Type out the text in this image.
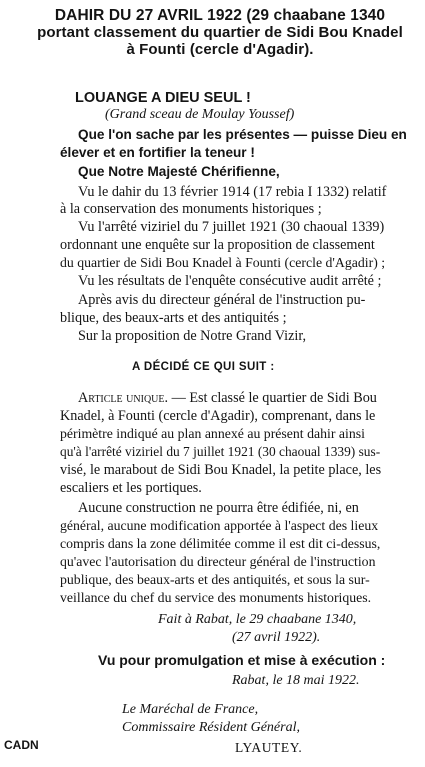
DAHIR DU 27 AVRIL 1922 (29 chaabane 1340
portant classement du quartier de Sidi Bou Knadel
à Founti (cercle d'Agadir).
LOUANGE A DIEU SEUL !
(Grand sceau de Moulay Youssef)
Que l'on sache par les présentes — puisse Dieu en
élever et en fortifier la teneur !
Que Notre Majesté Chérifienne,
Vu le dahir du 13 février 1914 (17 rebia I 1332) relatif
à la conservation des monuments historiques ;
Vu l'arrêté viziriel du 7 juillet 1921 (30 chaoual 1339)
ordonnant une enquête sur la proposition de classement
du quartier de Sidi Bou Knadel à Founti (cercle d'Agadir) ;
Vu les résultats de l'enquête consécutive audit arrêté ;
Après avis du directeur général de l'instruction pu-
blique, des beaux-arts et des antiquités ;
Sur la proposition de Notre Grand Vizir,
A DÉCIDÉ CE QUI SUIT :
Article unique. — Est classé le quartier de Sidi Bou
Knadel, à Founti (cercle d'Agadir), comprenant, dans le
périmètre indiqué au plan annexé au présent dahir ainsi
qu'à l'arrêté viziriel du 7 juillet 1921 (30 chaoual 1339) sus-
visé, le marabout de Sidi Bou Knadel, la petite place, les
escaliers et les portiques.
Aucune construction ne pourra être édifiée, ni, en
général, aucune modification apportée à l'aspect des lieux
compris dans la zone délimitée comme il est dit ci-dessus,
qu'avec l'autorisation du directeur général de l'instruction
publique, des beaux-arts et des antiquités, et sous la sur-
veillance du chef du service des monuments historiques.
Fait à Rabat, le 29 chaabane 1340,
(27 avril 1922).
Vu pour promulgation et mise à exécution :
Rabat, le 18 mai 1922.
Le Maréchal de France,
Commissaire Résident Général,
LYAUTEY.
CADN
